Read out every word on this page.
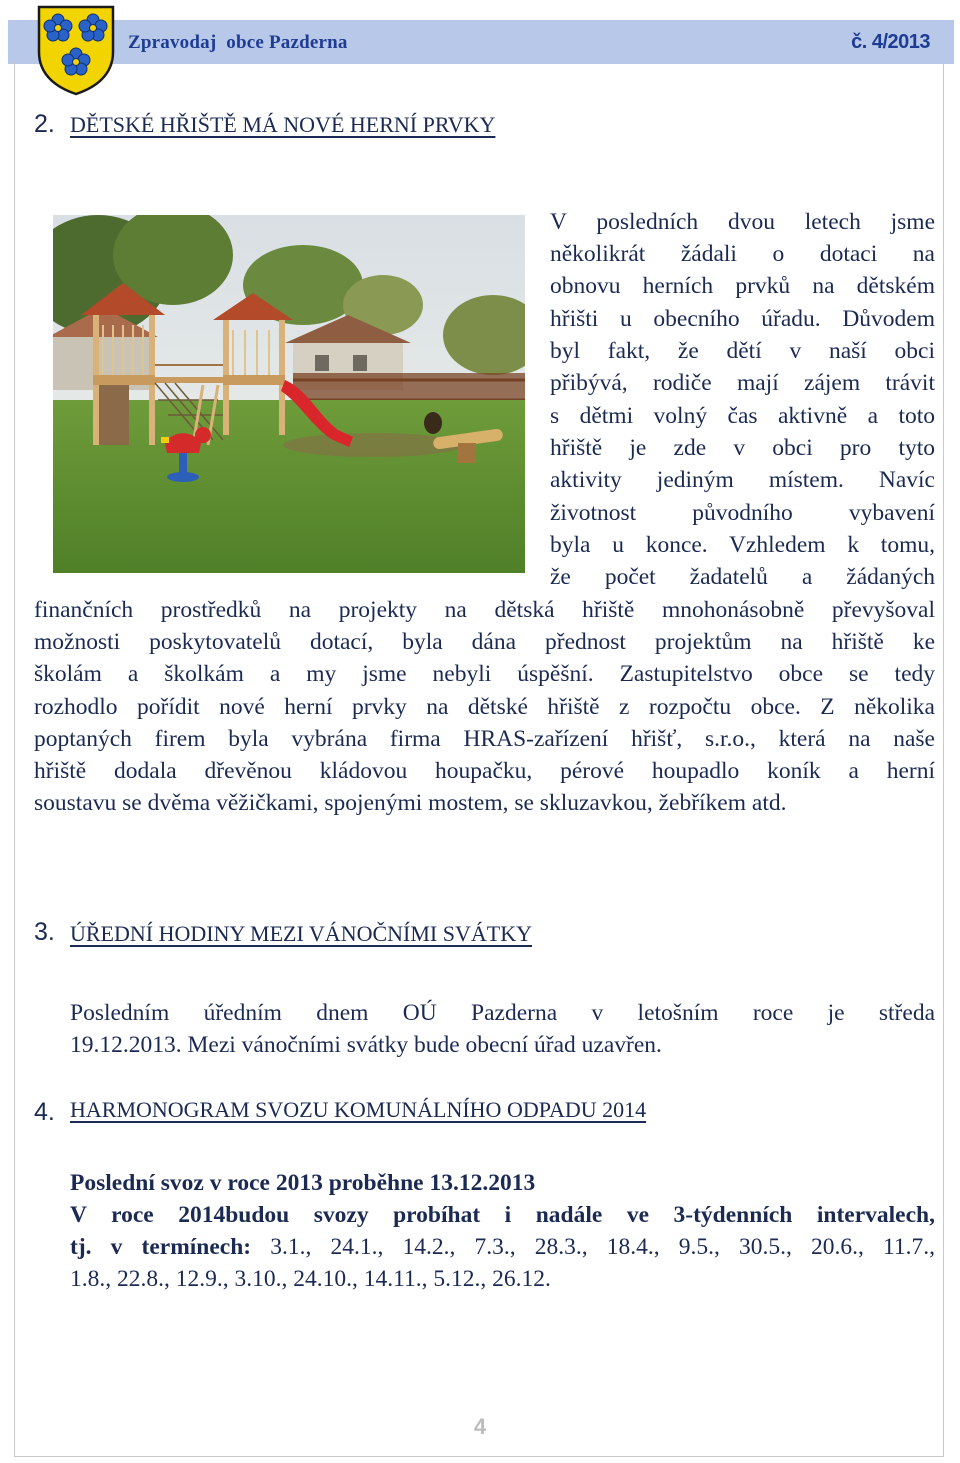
Zpravodaj  obce Pazderna	č. 4/2013
2. DĚTSKÉ HŘIŠTĚ MÁ NOVÉ HERNÍ PRVKY
V posledních dvou letech jsme
několikrát žádali o dotaci na
obnovu herních prvků na dětském
hřišti u obecního úřadu. Důvodem
byl fakt, že dětí v naší obci
přibývá, rodiče mají zájem trávit
s dětmi volný čas aktivně a toto
hřiště je zde v obci pro tyto
aktivity jediným místem. Navíc
životnost původního vybavení
byla u konce. Vzhledem k tomu,
že počet žadatelů a žádaných
finančních prostředků na projekty na dětská hřiště mnohonásobně převyšoval
možnosti poskytovatelů dotací, byla dána přednost projektům na hřiště ke
školám a školkám a my jsme nebyli úspěšní. Zastupitelstvo obce se tedy
rozhodlo pořídit nové herní prvky na dětské hřiště z rozpočtu obce. Z několika
poptaných firem byla vybrána firma HRAS-zařízení hřišť, s.r.o., která na naše
hřiště dodala dřevěnou kládovou houpačku, pérové houpadlo koník a herní
soustavu se dvěma věžičkami, spojenými mostem, se skluzavkou, žebříkem atd.
3. ÚŘEDNÍ HODINY MEZI VÁNOČNÍMI SVÁTKY
Posledním úředním dnem OÚ Pazderna v letošním roce je středa
19.12.2013. Mezi vánočními svátky bude obecní úřad uzavřen.
4. HARMONOGRAM SVOZU KOMUNÁLNÍHO ODPADU 2014
Poslední svoz v roce 2013 proběhne 13.12.2013
V roce 2014budou svozy probíhat i nadále ve 3-týdenních intervalech,
tj. v termínech: 3.1., 24.1., 14.2., 7.3., 28.3., 18.4., 9.5., 30.5., 20.6., 11.7.,
1.8., 22.8., 12.9., 3.10., 24.10., 14.11., 5.12., 26.12.
4
